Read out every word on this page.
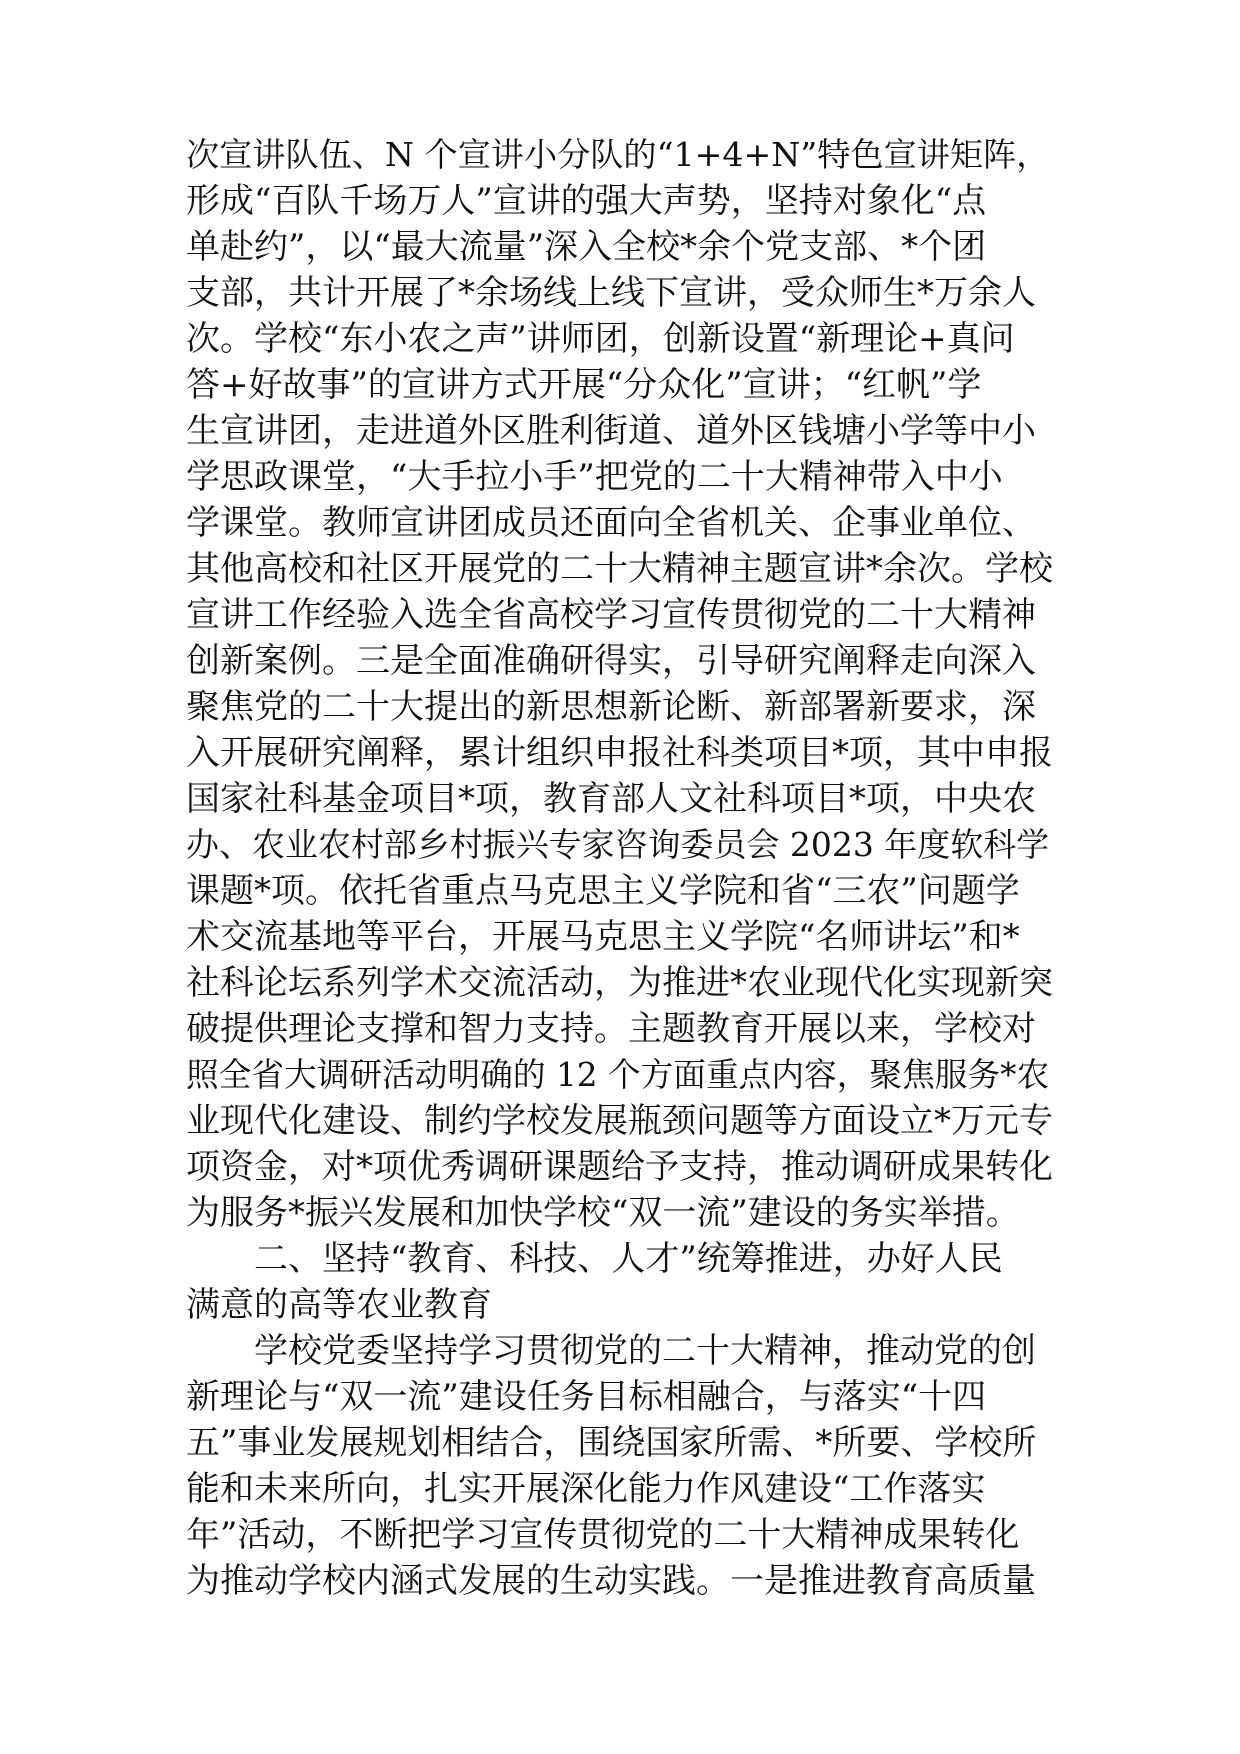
次宣讲队伍、N 个宣讲小分队的“1+4+N”特色宣讲矩阵，
形成“百队千场万人”宣讲的强大声势，坚持对象化“点
单赴约”，以“最大流量”深入全校*余个党支部、*个团
支部，共计开展了*余场线上线下宣讲，受众师生*万余人
次。学校“东小农之声”讲师团，创新设置“新理论+真问
答+好故事”的宣讲方式开展“分众化”宣讲；“红帆”学
生宣讲团，走进道外区胜利街道、道外区钱塘小学等中小
学思政课堂，“大手拉小手”把党的二十大精神带入中小
学课堂。教师宣讲团成员还面向全省机关、企事业单位、
其他高校和社区开展党的二十大精神主题宣讲*余次。学校
宣讲工作经验入选全省高校学习宣传贯彻党的二十大精神
创新案例。三是全面准确研得实，引导研究阐释走向深入
聚焦党的二十大提出的新思想新论断、新部署新要求，深
入开展研究阐释，累计组织申报社科类项目*项，其中申报
国家社科基金项目*项，教育部人文社科项目*项，中央农
办、农业农村部乡村振兴专家咨询委员会 2023 年度软科学
课题*项。依托省重点马克思主义学院和省“三农”问题学
术交流基地等平台，开展马克思主义学院“名师讲坛”和*
社科论坛系列学术交流活动，为推进*农业现代化实现新突
破提供理论支撑和智力支持。主题教育开展以来，学校对
照全省大调研活动明确的 12 个方面重点内容，聚焦服务*农
业现代化建设、制约学校发展瓶颈问题等方面设立*万元专
项资金，对*项优秀调研课题给予支持，推动调研成果转化
为服务*振兴发展和加快学校“双一流”建设的务实举措。
二、坚持“教育、科技、人才”统筹推进，办好人民
满意的高等农业教育
学校党委坚持学习贯彻党的二十大精神，推动党的创
新理论与“双一流”建设任务目标相融合，与落实“十四
五”事业发展规划相结合，围绕国家所需、*所要、学校所
能和未来所向，扎实开展深化能力作风建设“工作落实
年”活动，不断把学习宣传贯彻党的二十大精神成果转化
为推动学校内涵式发展的生动实践。一是推进教育高质量
